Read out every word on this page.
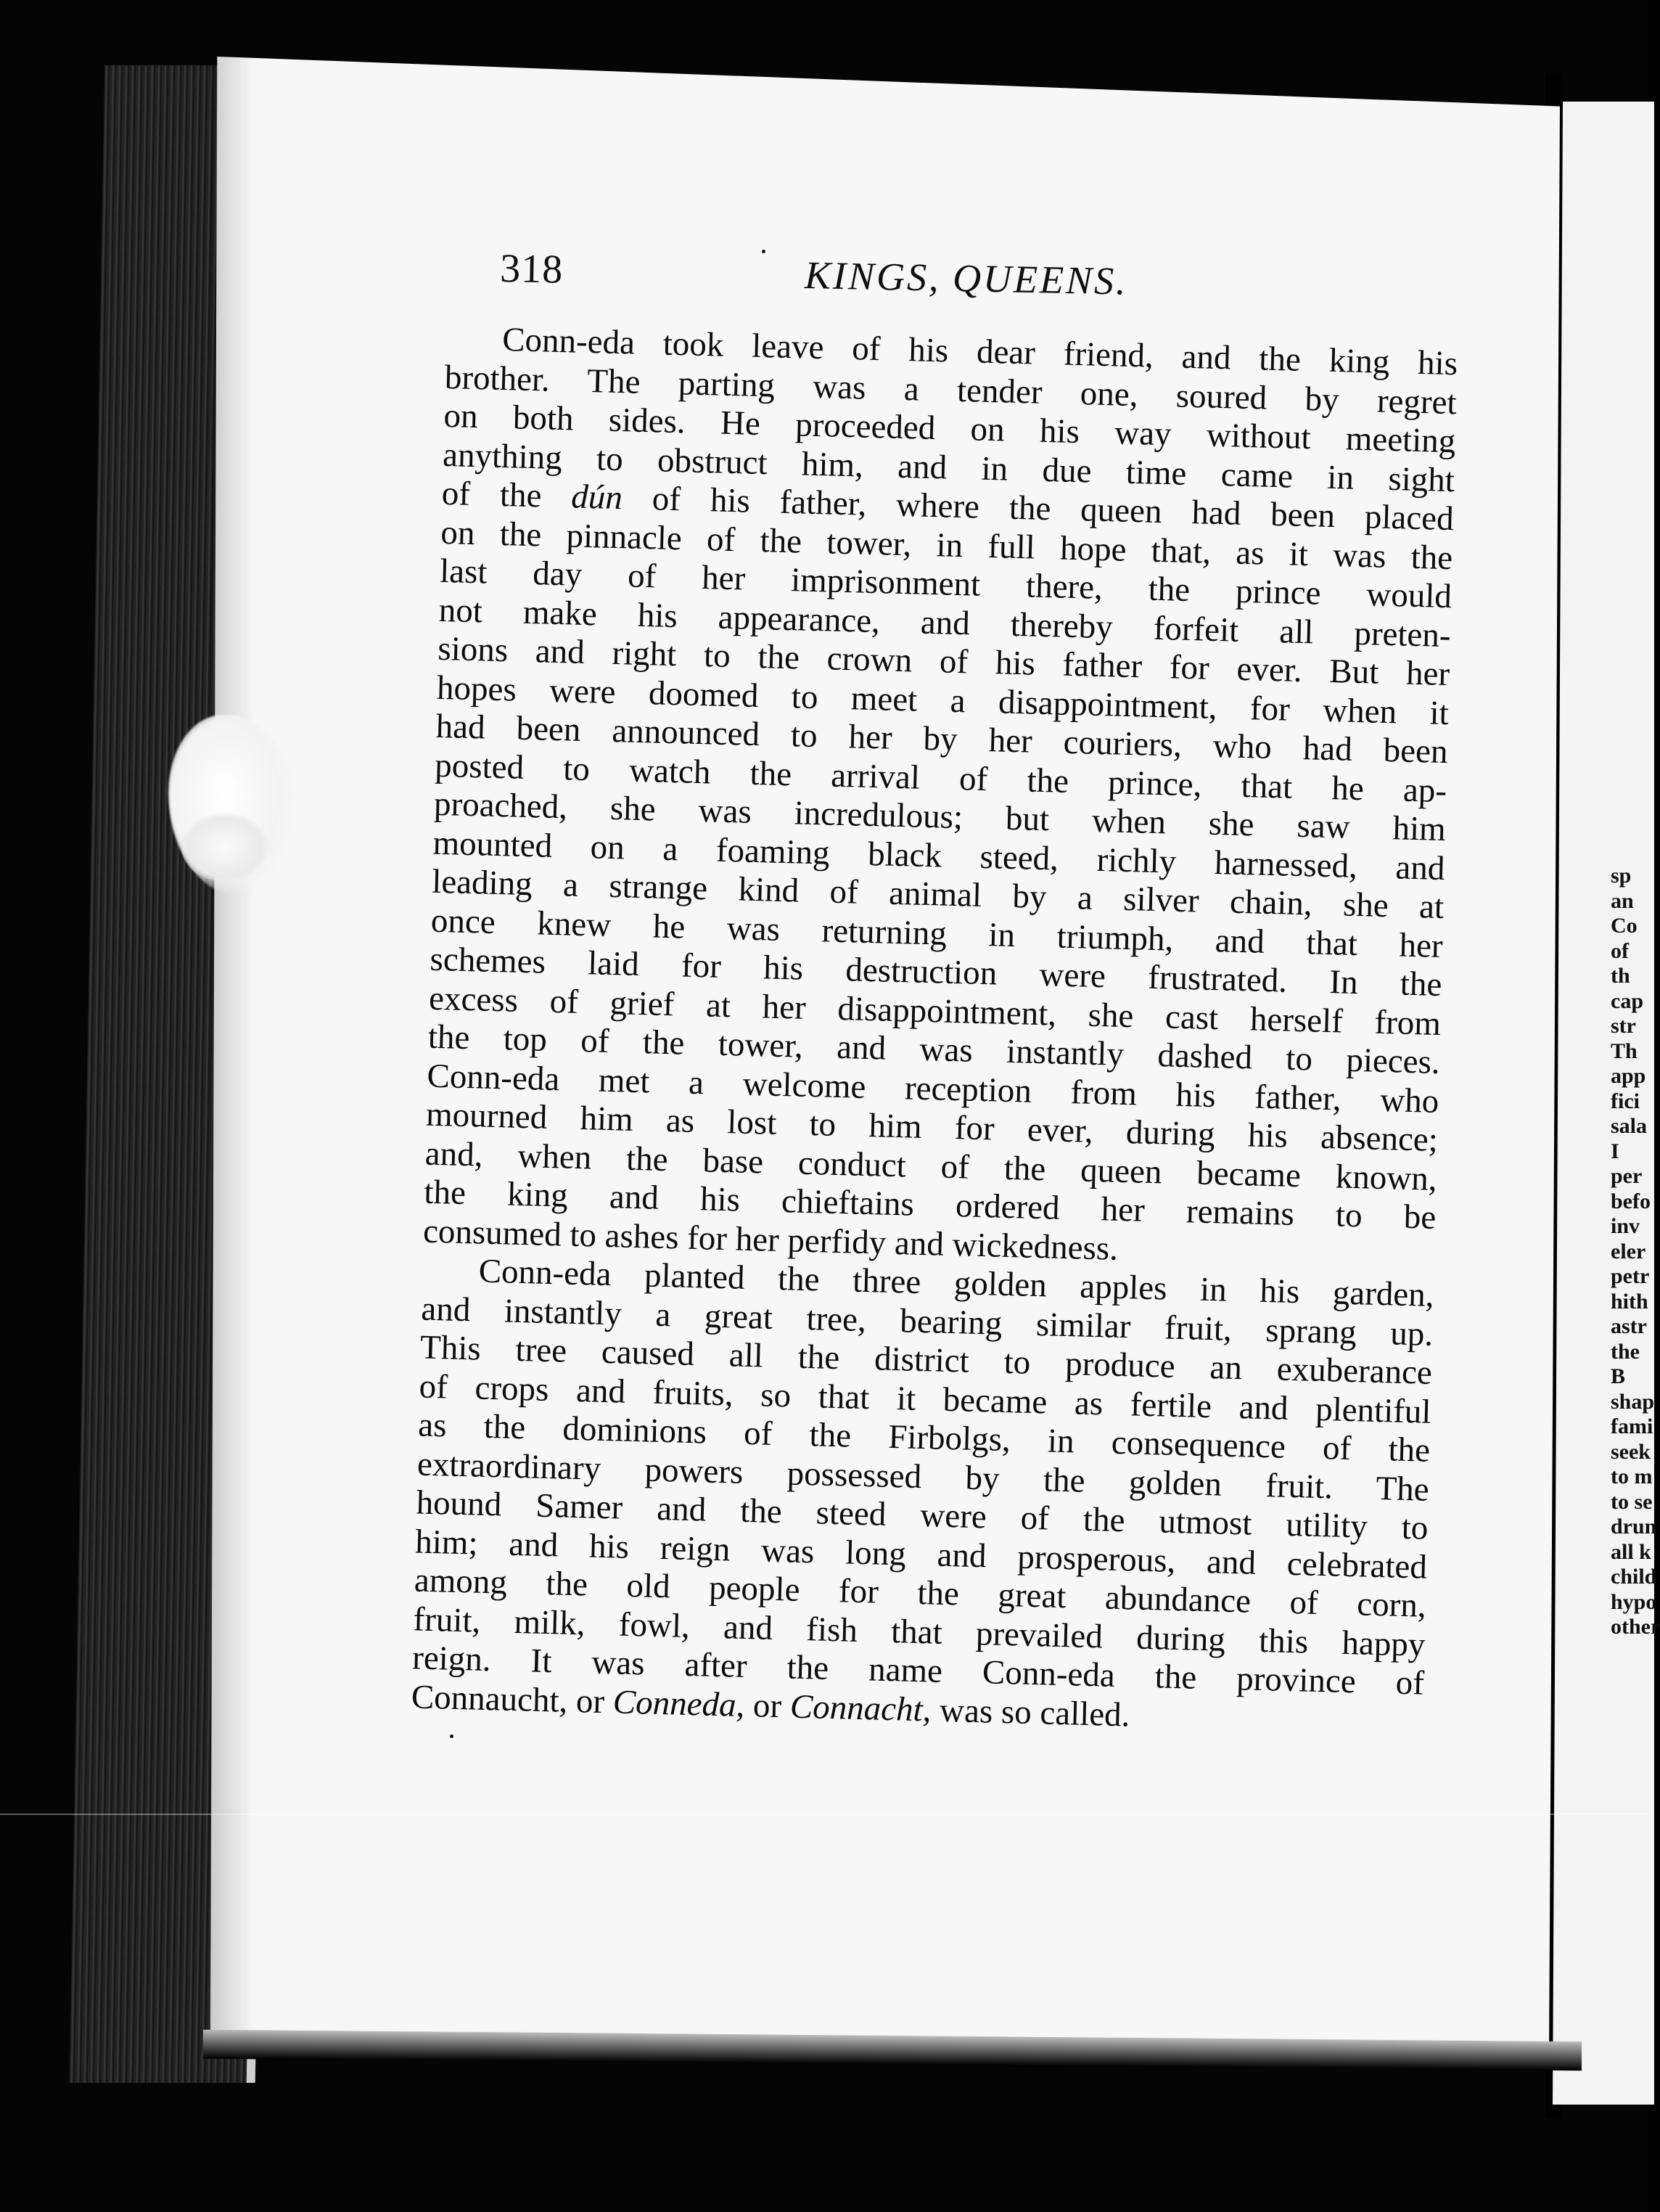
318	KINGS, QUEENS.

Conn-eda took leave of his dear friend, and the king his
brother. The parting was a tender one, soured by regret
on both sides. He proceeded on his way without meeting
anything to obstruct him, and in due time came in sight
of the dún of his father, where the queen had been placed
on the pinnacle of the tower, in full hope that, as it was the
last day of her imprisonment there, the prince would
not make his appearance, and thereby forfeit all preten-
sions and right to the crown of his father for ever. But her
hopes were doomed to meet a disappointment, for when it
had been announced to her by her couriers, who had been
posted to watch the arrival of the prince, that he ap-
proached, she was incredulous; but when she saw him
mounted on a foaming black steed, richly harnessed, and
leading a strange kind of animal by a silver chain, she at
once knew he was returning in triumph, and that her
schemes laid for his destruction were frustrated. In the
excess of grief at her disappointment, she cast herself from
the top of the tower, and was instantly dashed to pieces.
Conn-eda met a welcome reception from his father, who
mourned him as lost to him for ever, during his absence;
and, when the base conduct of the queen became known,
the king and his chieftains ordered her remains to be
consumed to ashes for her perfidy and wickedness.

Conn-eda planted the three golden apples in his garden,
and instantly a great tree, bearing similar fruit, sprang up.
This tree caused all the district to produce an exuberance
of crops and fruits, so that it became as fertile and plentiful
as the dominions of the Firbolgs, in consequence of the
extraordinary powers possessed by the golden fruit. The
hound Samer and the steed were of the utmost utility to
him; and his reign was long and prosperous, and celebrated
among the old people for the great abundance of corn,
fruit, milk, fowl, and fish that prevailed during this happy
reign. It was after the name Conn-eda the province of
Connaucht, or Conneda, or Connacht, was so called.

sp
an
Co
of
th
cap
str
Th
app
fici
sala
I
per
befo
inv
eler
petr
hith
astr
the
B
shap
fami
seek
to m
to se
drun
all k
child
hypo
other
